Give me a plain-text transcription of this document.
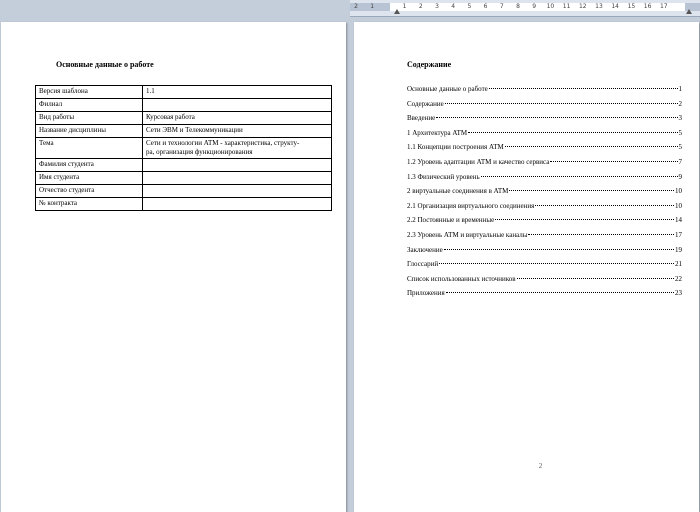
2	1	1	2	3	4	5	6	7	8	9	10 11 12 13 14 15 16 17
Основные данные о работе
Версия шаблона	1.1
Филиал	
Вид работы	Курсовая работа
Название дисциплины	Сети ЭВМ и Телекоммуникации
Тема	Сети и технологии ATM - характеристика, структу-
ра, организация функционирования

Фамилия студента	
Имя студента	
Отчество студента	
№ контракта	
Содержание
Основные данные о работе	1
Содержание	2
Введение	3
1 Архитектура ATM	5
1.1 Концепции построения ATM	5
1.2 Уровень адаптации ATM и качество сервиса	7
1.3 Физический уровень	9
2 виртуальные соединения в ATM	10
2.1 Организация виртуального соединения	10
2.2 Постоянные и временные	14
2.3 Уровень ATM и виртуальные каналы	17
Заключение	19
Глоссарий	21
Список использованных источников	22
Приложения	23
2
